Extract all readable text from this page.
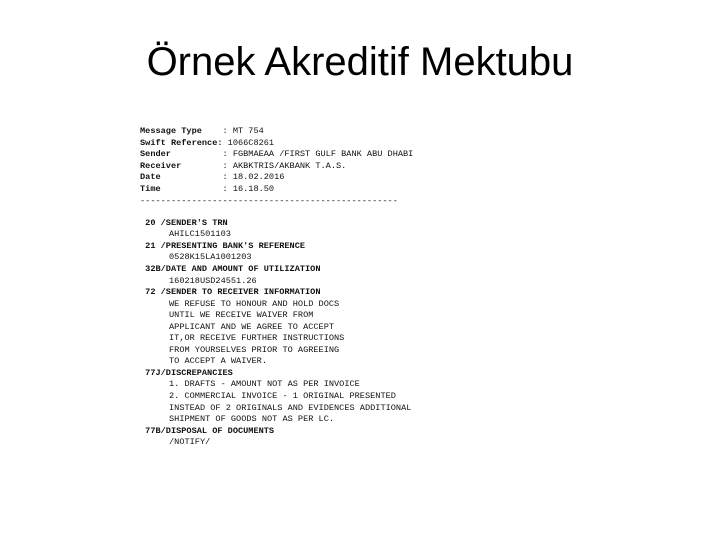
Örnek Akreditif Mektubu
Message Type    : MT 754
Swift Reference: 1066C8261
Sender          : FGBMAEAA /FIRST GULF BANK ABU DHABI
Receiver        : AKBKTRIS/AKBANK T.A.S.
Date            : 18.02.2016
Time            : 16.18.50
--------------------------------------------------
20 /SENDER'S TRN
AHILC1501103
21 /PRESENTING BANK'S REFERENCE
0528K15LA1001203
32B/DATE AND AMOUNT OF UTILIZATION
160218USD24551.26
72 /SENDER TO RECEIVER INFORMATION
WE REFUSE TO HONOUR AND HOLD DOCS
UNTIL WE RECEIVE WAIVER FROM
APPLICANT AND WE AGREE TO ACCEPT
IT,OR RECEIVE FURTHER INSTRUCTIONS
FROM YOURSELVES PRIOR TO AGREEING
TO ACCEPT A WAIVER.
77J/DISCREPANCIES
1. DRAFTS - AMOUNT NOT AS PER INVOICE
2. COMMERCIAL INVOICE - 1 ORIGINAL PRESENTED
INSTEAD OF 2 ORIGINALS AND EVIDENCES ADDITIONAL
SHIPMENT OF GOODS NOT AS PER LC.
77B/DISPOSAL OF DOCUMENTS
/NOTIFY/
